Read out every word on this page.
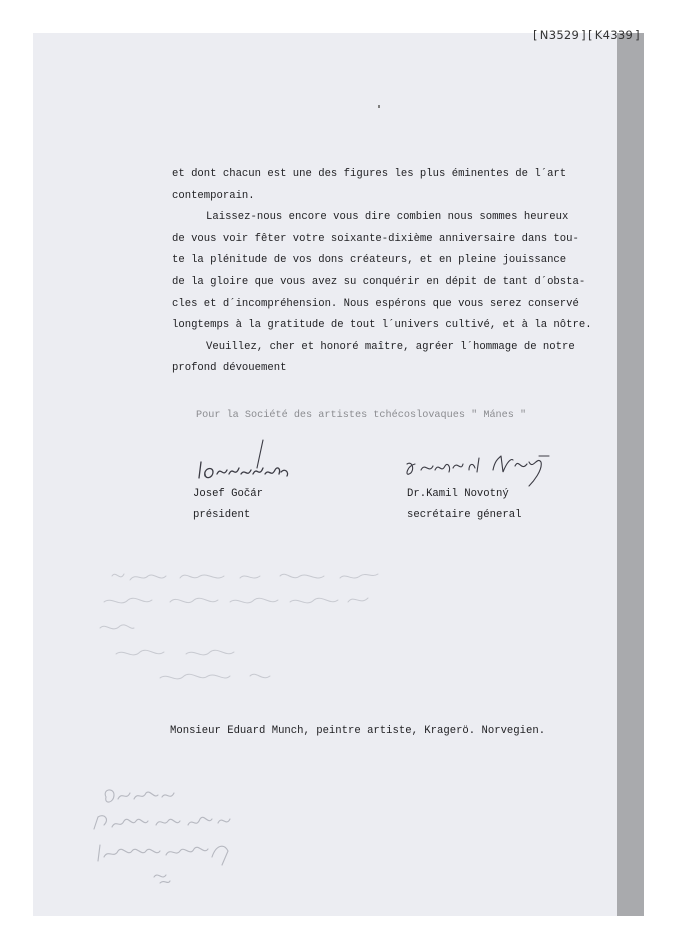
[ N3529 ] [ K4339 ]

et dont chacun est une des figures les plus éminentes de l´art

contemporain.

Laissez-nous encore vous dire combien nous sommes heureux

de vous voir fêter votre soixante-dixième anniversaire dans tou-

te la plénitude de vos dons créateurs, et en pleine jouissance

de la gloire que vous avez su conquérir en dépit de tant d´obsta-

cles et d´incompréhension. Nous espérons que vous serez conservé

longtemps à la gratitude de tout l´univers cultivé, et à la nôtre.

Veuillez, cher et honoré maître, agréer l´hommage de notre

profond dévouement

Pour la Société des artistes tchécoslovaques " Mánes "
Josef Gočár
président
Dr.Kamil Novotný
secrétaire géneral
Monsieur Eduard Munch, peintre artiste, Kragerö. Norvegien.
